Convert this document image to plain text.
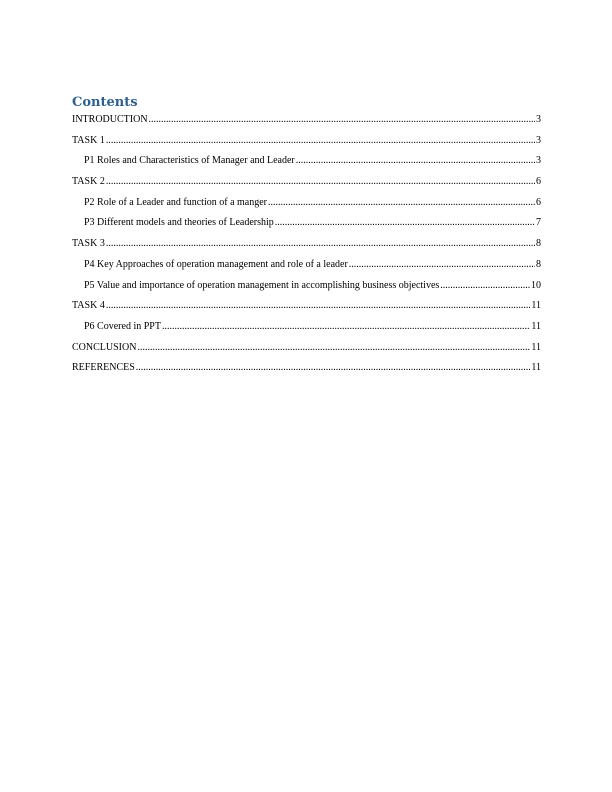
Contents
INTRODUCTION .....	3
TASK 1 .....	3
P1 Roles and Characteristics of Manager and Leader .....	3
TASK 2 .....	6
P2 Role of a Leader and function of a manger .....	6
P3 Different models and theories of Leadership .....	7
TASK 3 .....	8
P4 Key Approaches of operation management and role of a leader .....	8
P5 Value and importance of operation management in accomplishing business objectives .....	10
TASK 4 .....	11
P6 Covered in PPT .....	11
CONCLUSION .....	11
REFERENCES .....	11
